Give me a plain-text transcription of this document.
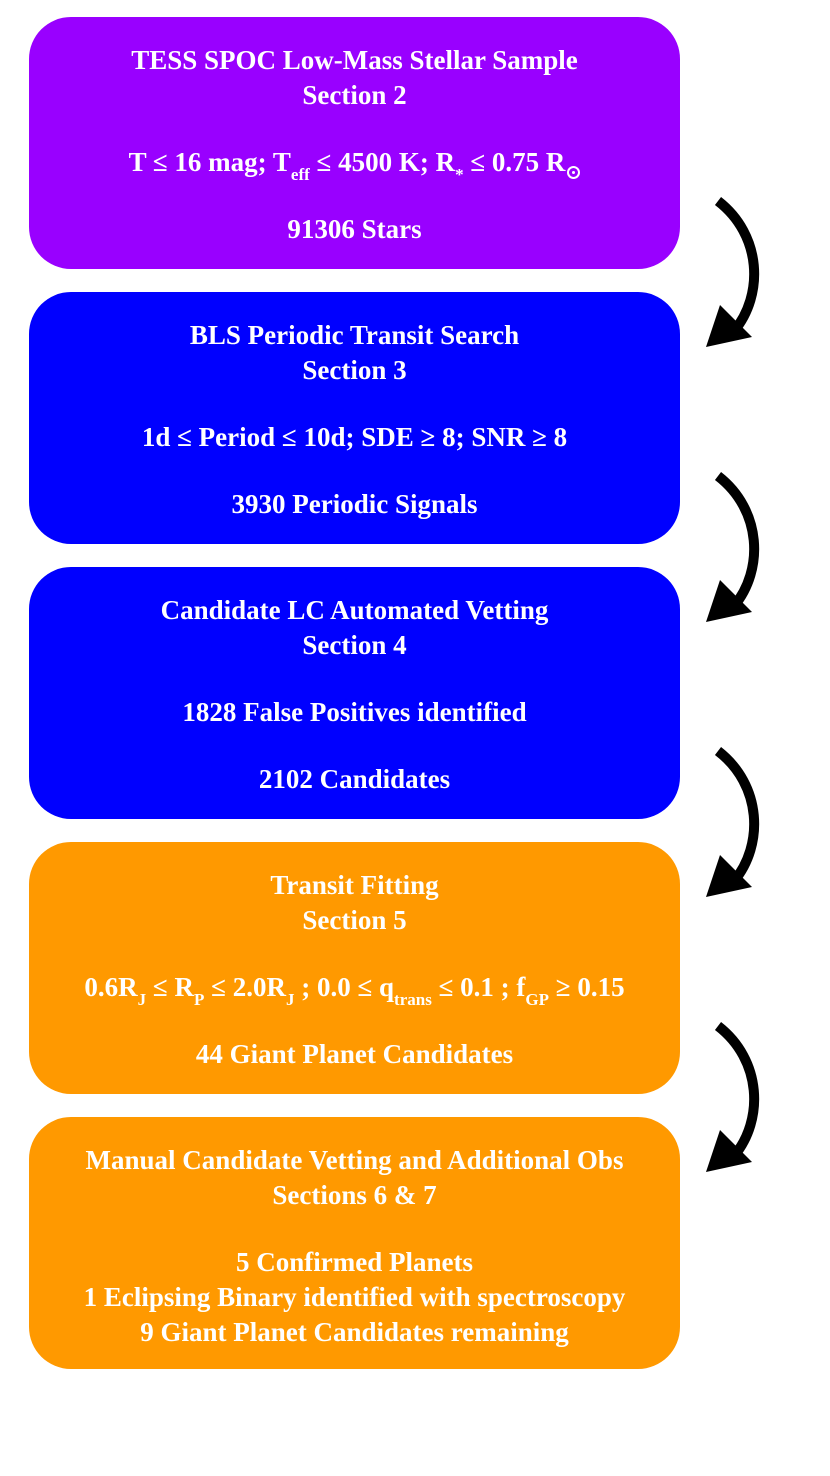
TESS SPOC Low-Mass Stellar Sample
Section 2
T ≤ 16 mag; $T_{eff} \le 4500$ K; $R_* \le 0.75$ R
91306 Stars
BLS Periodic Transit Search
Section 3
1d ≤ Period ≤ 10d; SDE ≥ 8; SNR ≥ 8
3930 Periodic Signals
Candidate LC Automated Vetting
Section 4
1828 False Positives identified
2102 Candidates
Transit Fitting
Section 5
$0.6R_J \le R_P \le 2.0R_J$ ; $0.0 \le q_{trans} \le 0.1$ ; $f_{GP} \ge 0.15$
44 Giant Planet Candidates
Manual Candidate Vetting and Additional Obs
Sections 6 & 7
5 Confirmed Planets
1 Eclipsing Binary identified with spectroscopy
9 Giant Planet Candidates remaining
